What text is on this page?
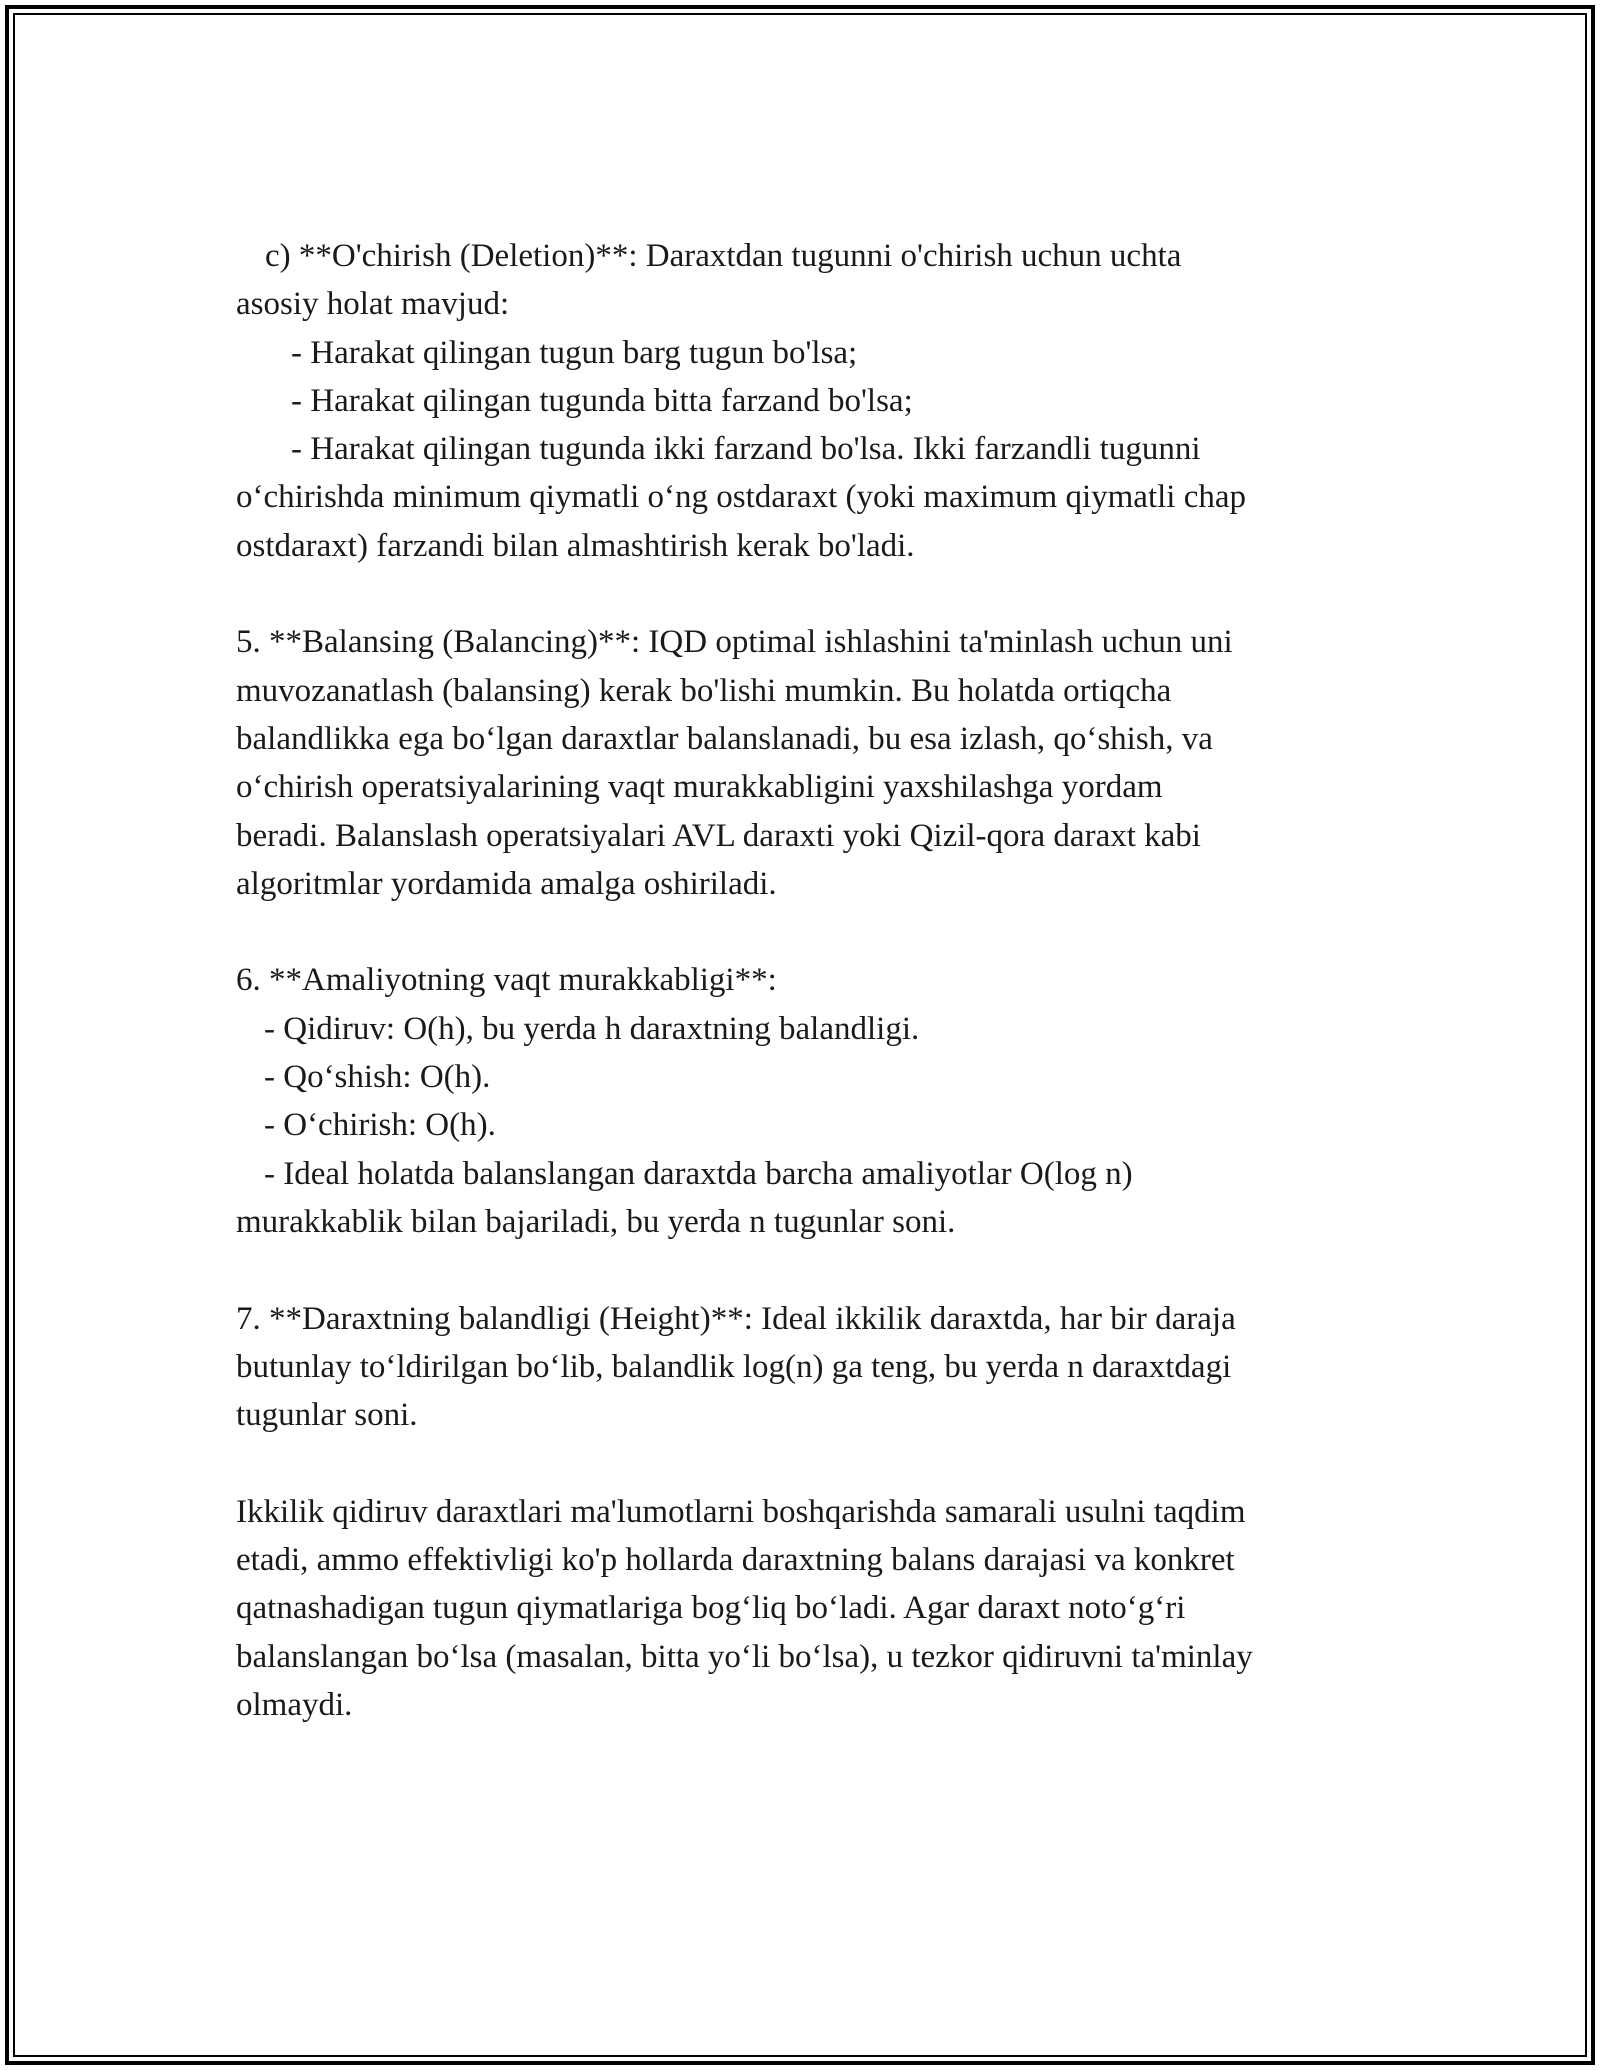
c) **O'chirish (Deletion)**: Daraxtdan tugunni o'chirish uchun uchta
asosiy holat mavjud:
- Harakat qilingan tugun barg tugun bo'lsa;
- Harakat qilingan tugunda bitta farzand bo'lsa;
- Harakat qilingan tugunda ikki farzand bo'lsa. Ikki farzandli tugunni
o‘chirishda minimum qiymatli o‘ng ostdaraxt (yoki maximum qiymatli chap
ostdaraxt) farzandi bilan almashtirish kerak bo'ladi.
5. **Balansing (Balancing)**: IQD optimal ishlashini ta'minlash uchun uni
muvozanatlash (balansing) kerak bo'lishi mumkin. Bu holatda ortiqcha
balandlikka ega bo‘lgan daraxtlar balanslanadi, bu esa izlash, qo‘shish, va
o‘chirish operatsiyalarining vaqt murakkabligini yaxshilashga yordam
beradi. Balanslash operatsiyalari AVL daraxti yoki Qizil-qora daraxt kabi
algoritmlar yordamida amalga oshiriladi.
6. **Amaliyotning vaqt murakkabligi**:
- Qidiruv: O(h), bu yerda h daraxtning balandligi.
- Qo‘shish: O(h).
- O‘chirish: O(h).
- Ideal holatda balanslangan daraxtda barcha amaliyotlar O(log n)
murakkablik bilan bajariladi, bu yerda n tugunlar soni.
7. **Daraxtning balandligi (Height)**: Ideal ikkilik daraxtda, har bir daraja
butunlay to‘ldirilgan bo‘lib, balandlik log(n) ga teng, bu yerda n daraxtdagi
tugunlar soni.
Ikkilik qidiruv daraxtlari ma'lumotlarni boshqarishda samarali usulni taqdim
etadi, ammo effektivligi ko'p hollarda daraxtning balans darajasi va konkret
qatnashadigan tugun qiymatlariga bog‘liq bo‘ladi. Agar daraxt noto‘g‘ri
balanslangan bo‘lsa (masalan, bitta yo‘li bo‘lsa), u tezkor qidiruvni ta'minlay
olmaydi.
